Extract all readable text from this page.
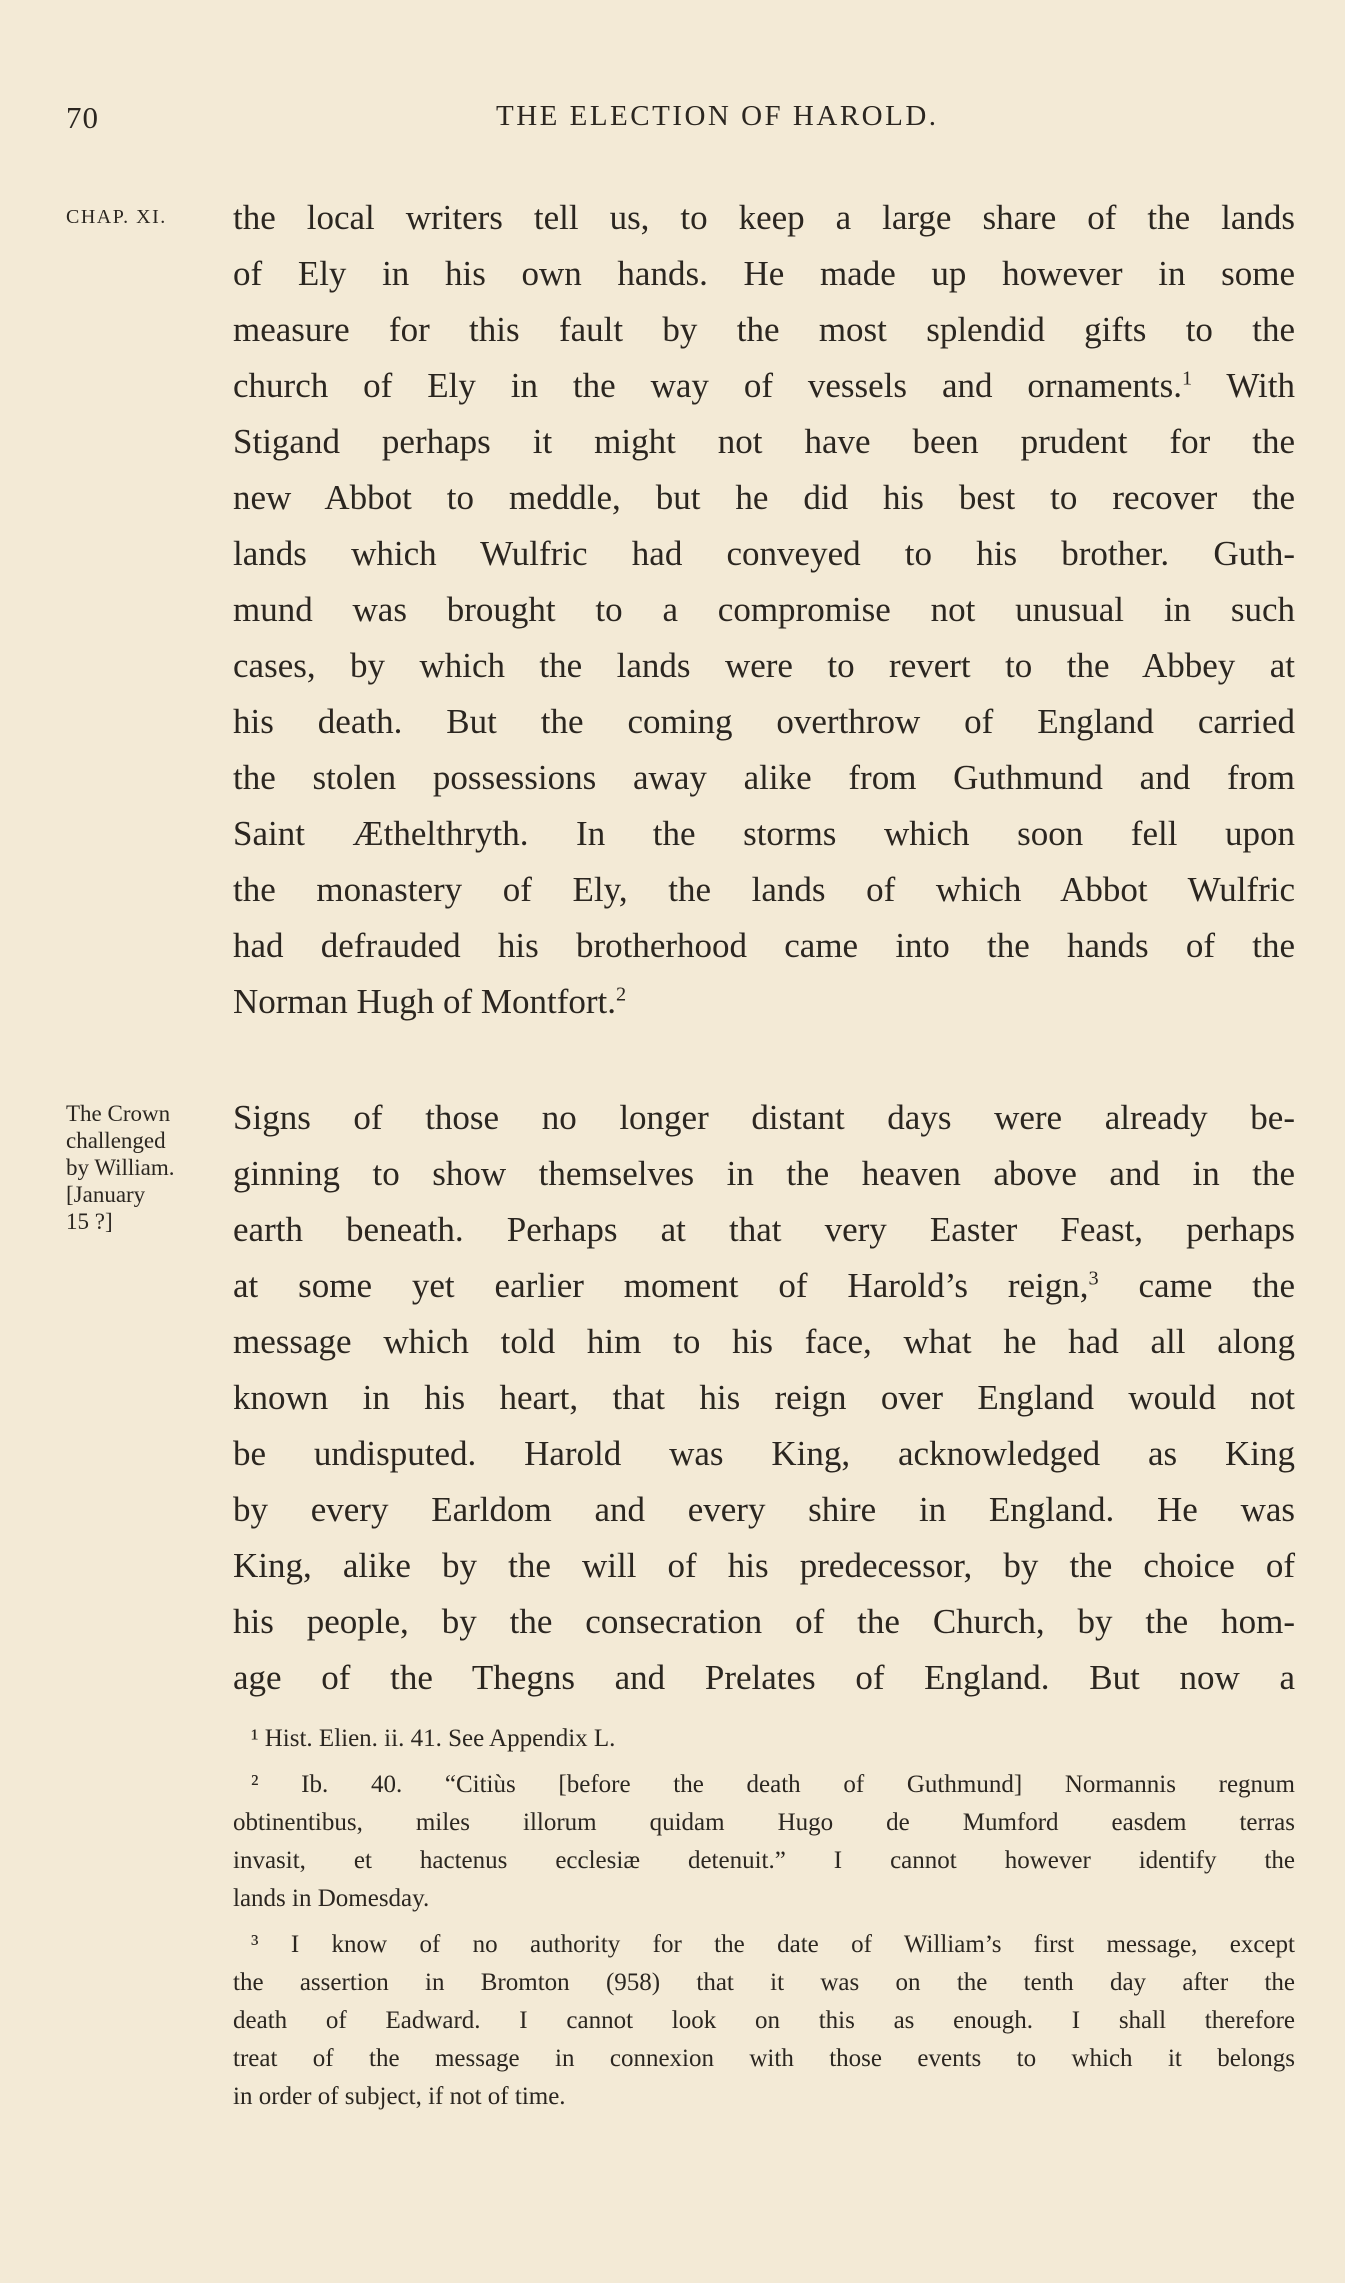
70	THE ELECTION OF HAROLD.
CHAP. XI.
The Crown
challenged
by William.
[January
15 ?]
the local writers tell us, to keep a large share of the lands
of Ely in his own hands. He made up however in some
measure for this fault by the most splendid gifts to the
church of Ely in the way of vessels and ornaments.$^1$ With
Stigand perhaps it might not have been prudent for the
new Abbot to meddle, but he did his best to recover the
lands which Wulfric had conveyed to his brother. Guth-
mund was brought to a compromise not unusual in such
cases, by which the lands were to revert to the Abbey at
his death. But the coming overthrow of England carried
the stolen possessions away alike from Guthmund and from
Saint Æthelthryth. In the storms which soon fell upon
the monastery of Ely, the lands of which Abbot Wulfric
had defrauded his brotherhood came into the hands of the
Norman Hugh of Montfort.$^2$
Signs of those no longer distant days were already be-
ginning to show themselves in the heaven above and in the
earth beneath. Perhaps at that very Easter Feast, perhaps
at some yet earlier moment of Harold’s reign,$^3$ came the
message which told him to his face, what he had all along
known in his heart, that his reign over England would not
be undisputed. Harold was King, acknowledged as King
by every Earldom and every shire in England. He was
King, alike by the will of his predecessor, by the choice of
his people, by the consecration of the Church, by the hom-
age of the Thegns and Prelates of England. But now a
¹ Hist. Elien. ii. 41. See Appendix L.
² Ib. 40. “Citiùs [before the death of Guthmund] Normannis regnum
obtinentibus, miles illorum quidam Hugo de Mumford easdem terras
invasit, et hactenus ecclesiæ detenuit.” I cannot however identify the
lands in Domesday.
³ I know of no authority for the date of William’s first message, except
the assertion in Bromton (958) that it was on the tenth day after the
death of Eadward. I cannot look on this as enough. I shall therefore
treat of the message in connexion with those events to which it belongs
in order of subject, if not of time.
